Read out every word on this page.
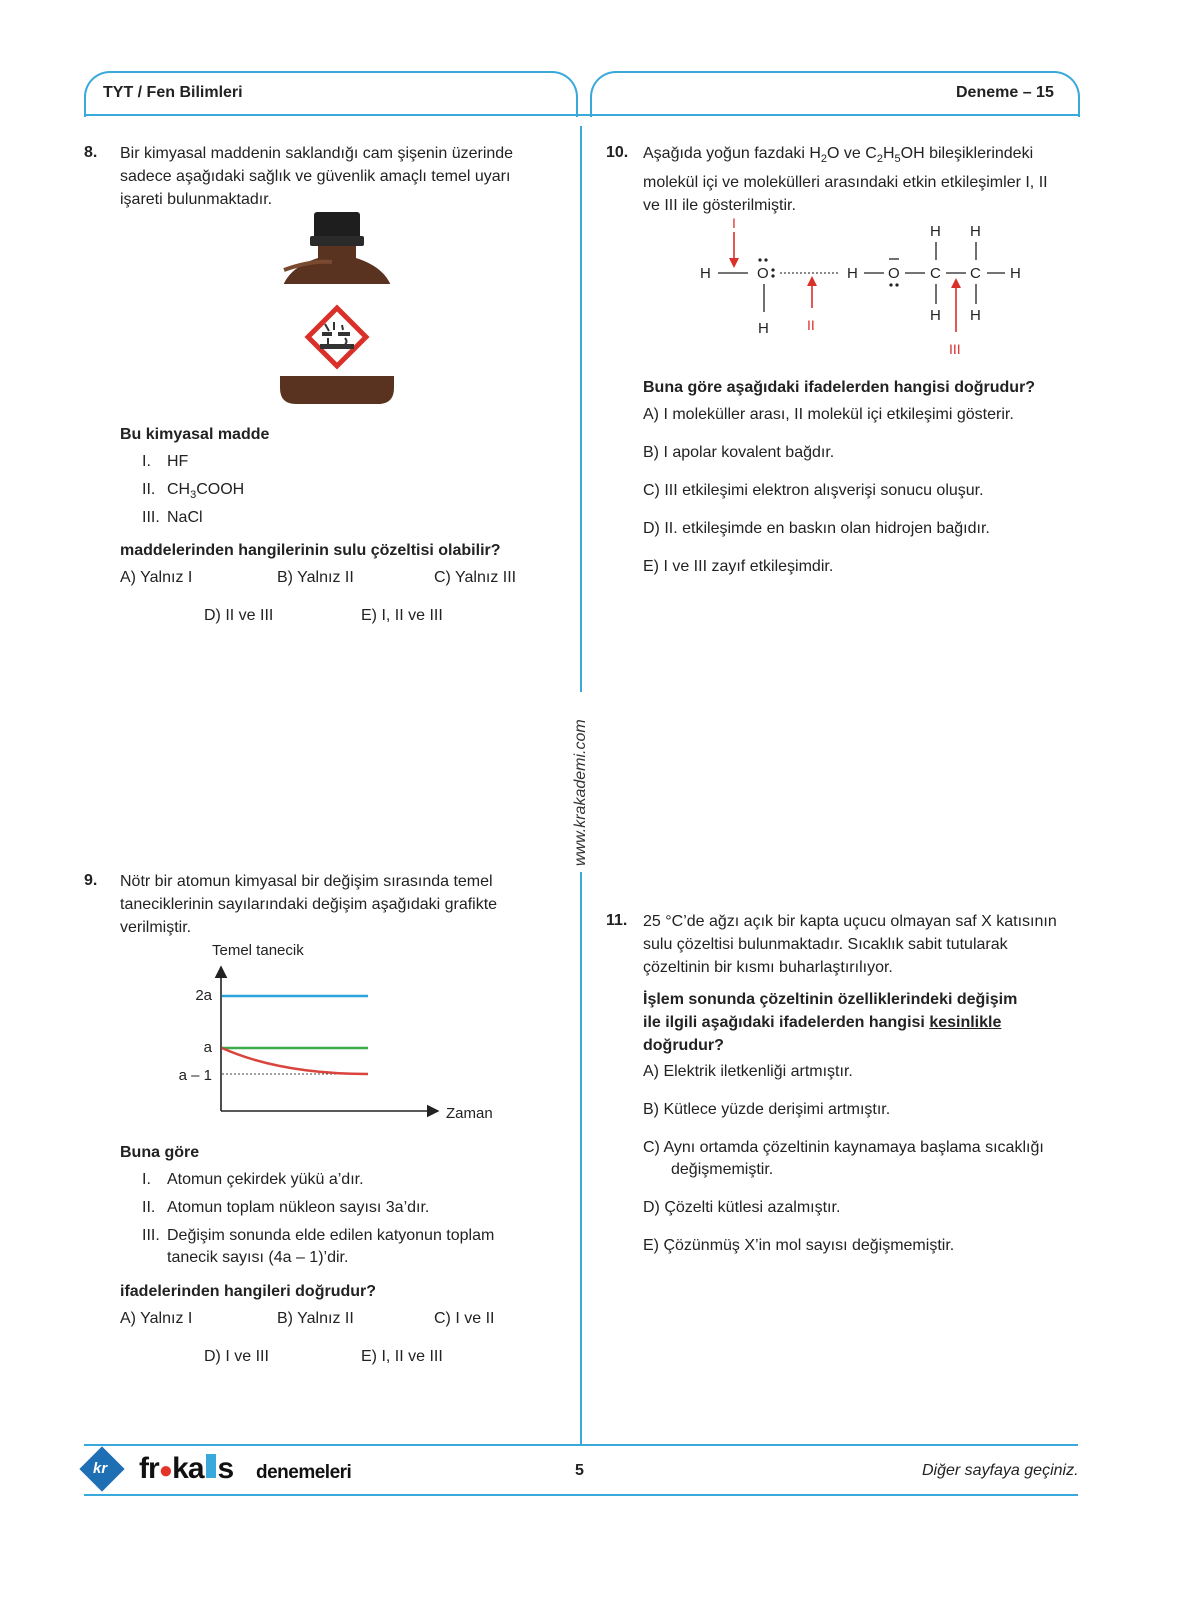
TYT / Fen Bilimleri	Deneme – 15
www.krakademi.com
8. Bir kimyasal maddenin saklandığı cam şişenin üzerinde
sadece aşağıdaki sağlık ve güvenlik amaçlı temel uyarı
işareti bulunmaktadır.
Bu kimyasal madde
I. HF
II. $CH_3COOH$
III. NaCl
maddelerinden hangilerinin sulu çözeltisi olabilir?
A) Yalnız I	B) Yalnız II	C) Yalnız III
D) II ve III	E) I, II ve III
9. Nötr bir atomun kimyasal bir değişim sırasında temel
taneciklerinin sayılarındaki değişim aşağıdaki grafikte
verilmiştir.
Temel tanecik
Zaman
2a
a
a – 1
Buna göre
I. Atomun çekirdek yükü a’dır.
II. Atomun toplam nükleon sayısı 3a’dır.
III. Değişim sonunda elde edilen katyonun toplam
tanecik sayısı (4a – 1)’dir.
ifadelerinden hangileri doğrudur?
A) Yalnız I	B) Yalnız II	C) I ve II
D) I ve III	E) I, II ve III
10. Aşağıda yoğun fazdaki $H_2O$ ve $C_2H_5OH$ bileşiklerindeki
molekül içi ve molekülleri arasındaki etkin etkileşimler I, II
ve III ile gösterilmiştir.
H	O
H
H O C C H
H H
H H
I
II
III
Buna göre aşağıdaki ifadelerden hangisi doğrudur?
A) I moleküller arası, II molekül içi etkileşimi gösterir.
B) I apolar kovalent bağdır.
C) III etkileşimi elektron alışverişi sonucu oluşur.
D) II. etkileşimde en baskın olan hidrojen bağıdır.
E) I ve III zayıf etkileşimdir.
11. 25 °C’de ağzı açık bir kapta uçucu olmayan saf X katısının
sulu çözeltisi bulunmaktadır. Sıcaklık sabit tutularak
çözeltinin bir kısmı buharlaştırılıyor.
İşlem sonunda çözeltinin özelliklerindeki değişim
ile ilgili aşağıdaki ifadelerden hangisi kesinlikle
doğrudur?
A) Elektrik iletkenliği artmıştır.
B) Kütlece yüzde derişimi artmıştır.
C) Aynı ortamda çözeltinin kaynamaya başlama sıcaklığı
değişmemiştir.
D) Çözelti kütlesi azalmıştır.
E) Çözünmüş X’in mol sayısı değişmemiştir.
kr fr●ka s denemeleri	5	Diğer sayfaya geçiniz.
